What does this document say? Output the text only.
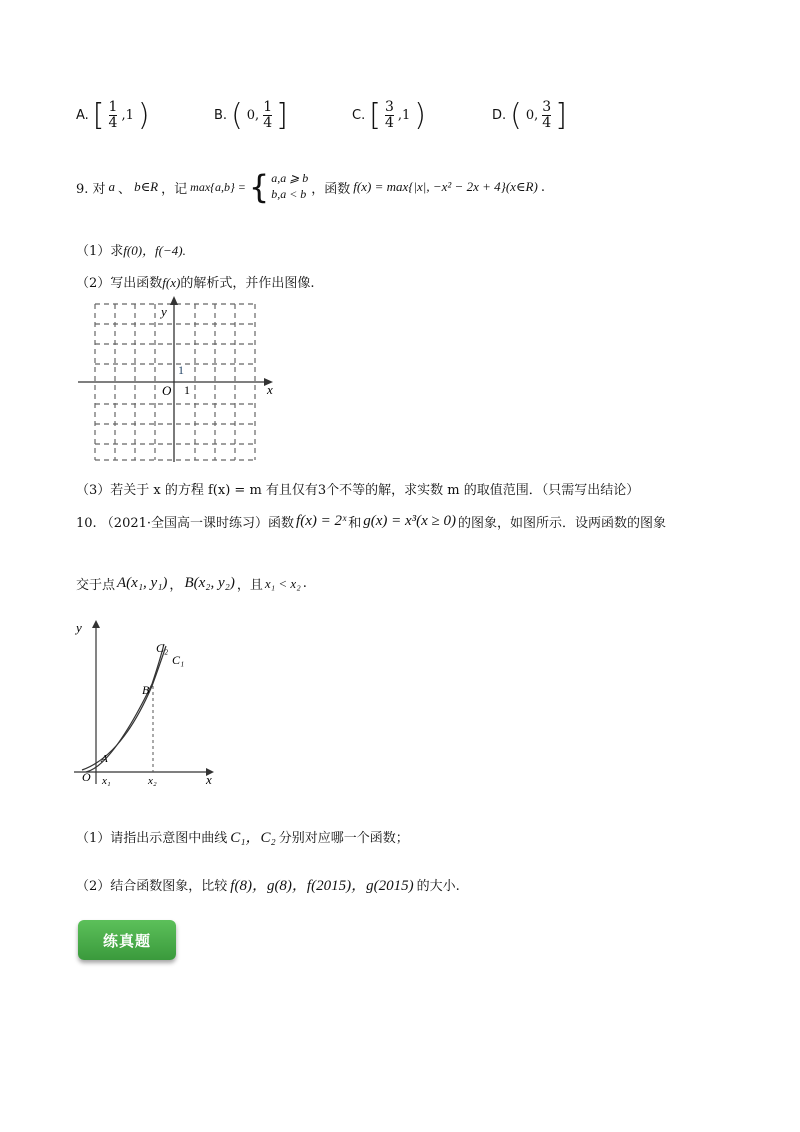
A. [ $\frac{1}{4} ,1$ )	B. ( 0, $\frac{1}{4}$ ]	C. [ $\frac{3}{4} ,1$ )	D. ( 0, $\frac{3}{4}$ ]
9. 对 a 、 b∈R ，记 max{a,b} = { a,a ⩾ b
b,a < b ，函数 f(x) = max{|x|, −x² − 2x + 4}(x∈R) .
（1）求f(0)，f(−4).
（2）写出函数f(x)的解析式，并作出图像.
y
x
O 1
1
（3）若关于 x 的方程 f(x) = m 有且仅有3个不等的解，求实数 m 的取值范围．（只需写出结论）
10. （2021·全国高一课时练习）函数 f(x) = 2ˣ 和 g(x) = x³(x ≥ 0) 的图象，如图所示．设两函数的图象
交于点 A(x₁, y₁) ， B(x₂, y₂) ，且 x₁ < x₂ .
y
x
O
A
B
C₂
C₁
x₁	x₂
（1）请指出示意图中曲线 C₁，C₂ 分别对应哪一个函数；
（2）结合函数图象，比较 f(8)，g(8)，f(2015)，g(2015) 的大小.
练真题
